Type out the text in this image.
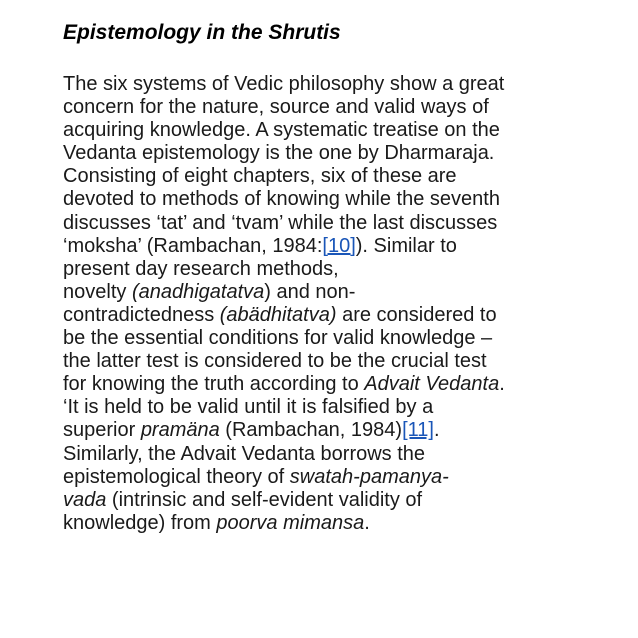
Epistemology in the Shrutis
The six systems of Vedic philosophy show a great
concern for the nature, source and valid ways of
acquiring knowledge. A systematic treatise on the
Vedanta epistemology is the one by Dharmaraja.
Consisting of eight chapters, six of these are
devoted to methods of knowing while the seventh
discusses ‘tat’ and ‘tvam’ while the last discusses
‘moksha’ (Rambachan, 1984:[10]). Similar to
present day research methods,
novelty (anadhigatatva) and non-
contradictedness (abädhitatva) are considered to
be the essential conditions for valid knowledge –
the latter test is considered to be the crucial test
for knowing the truth according to Advait Vedanta.
‘It is held to be valid until it is falsified by a
superior pramäna (Rambachan, 1984)[11].
Similarly, the Advait Vedanta borrows the
epistemological theory of swatah-pamanya-
vada (intrinsic and self-evident validity of
knowledge) from poorva mimansa.
